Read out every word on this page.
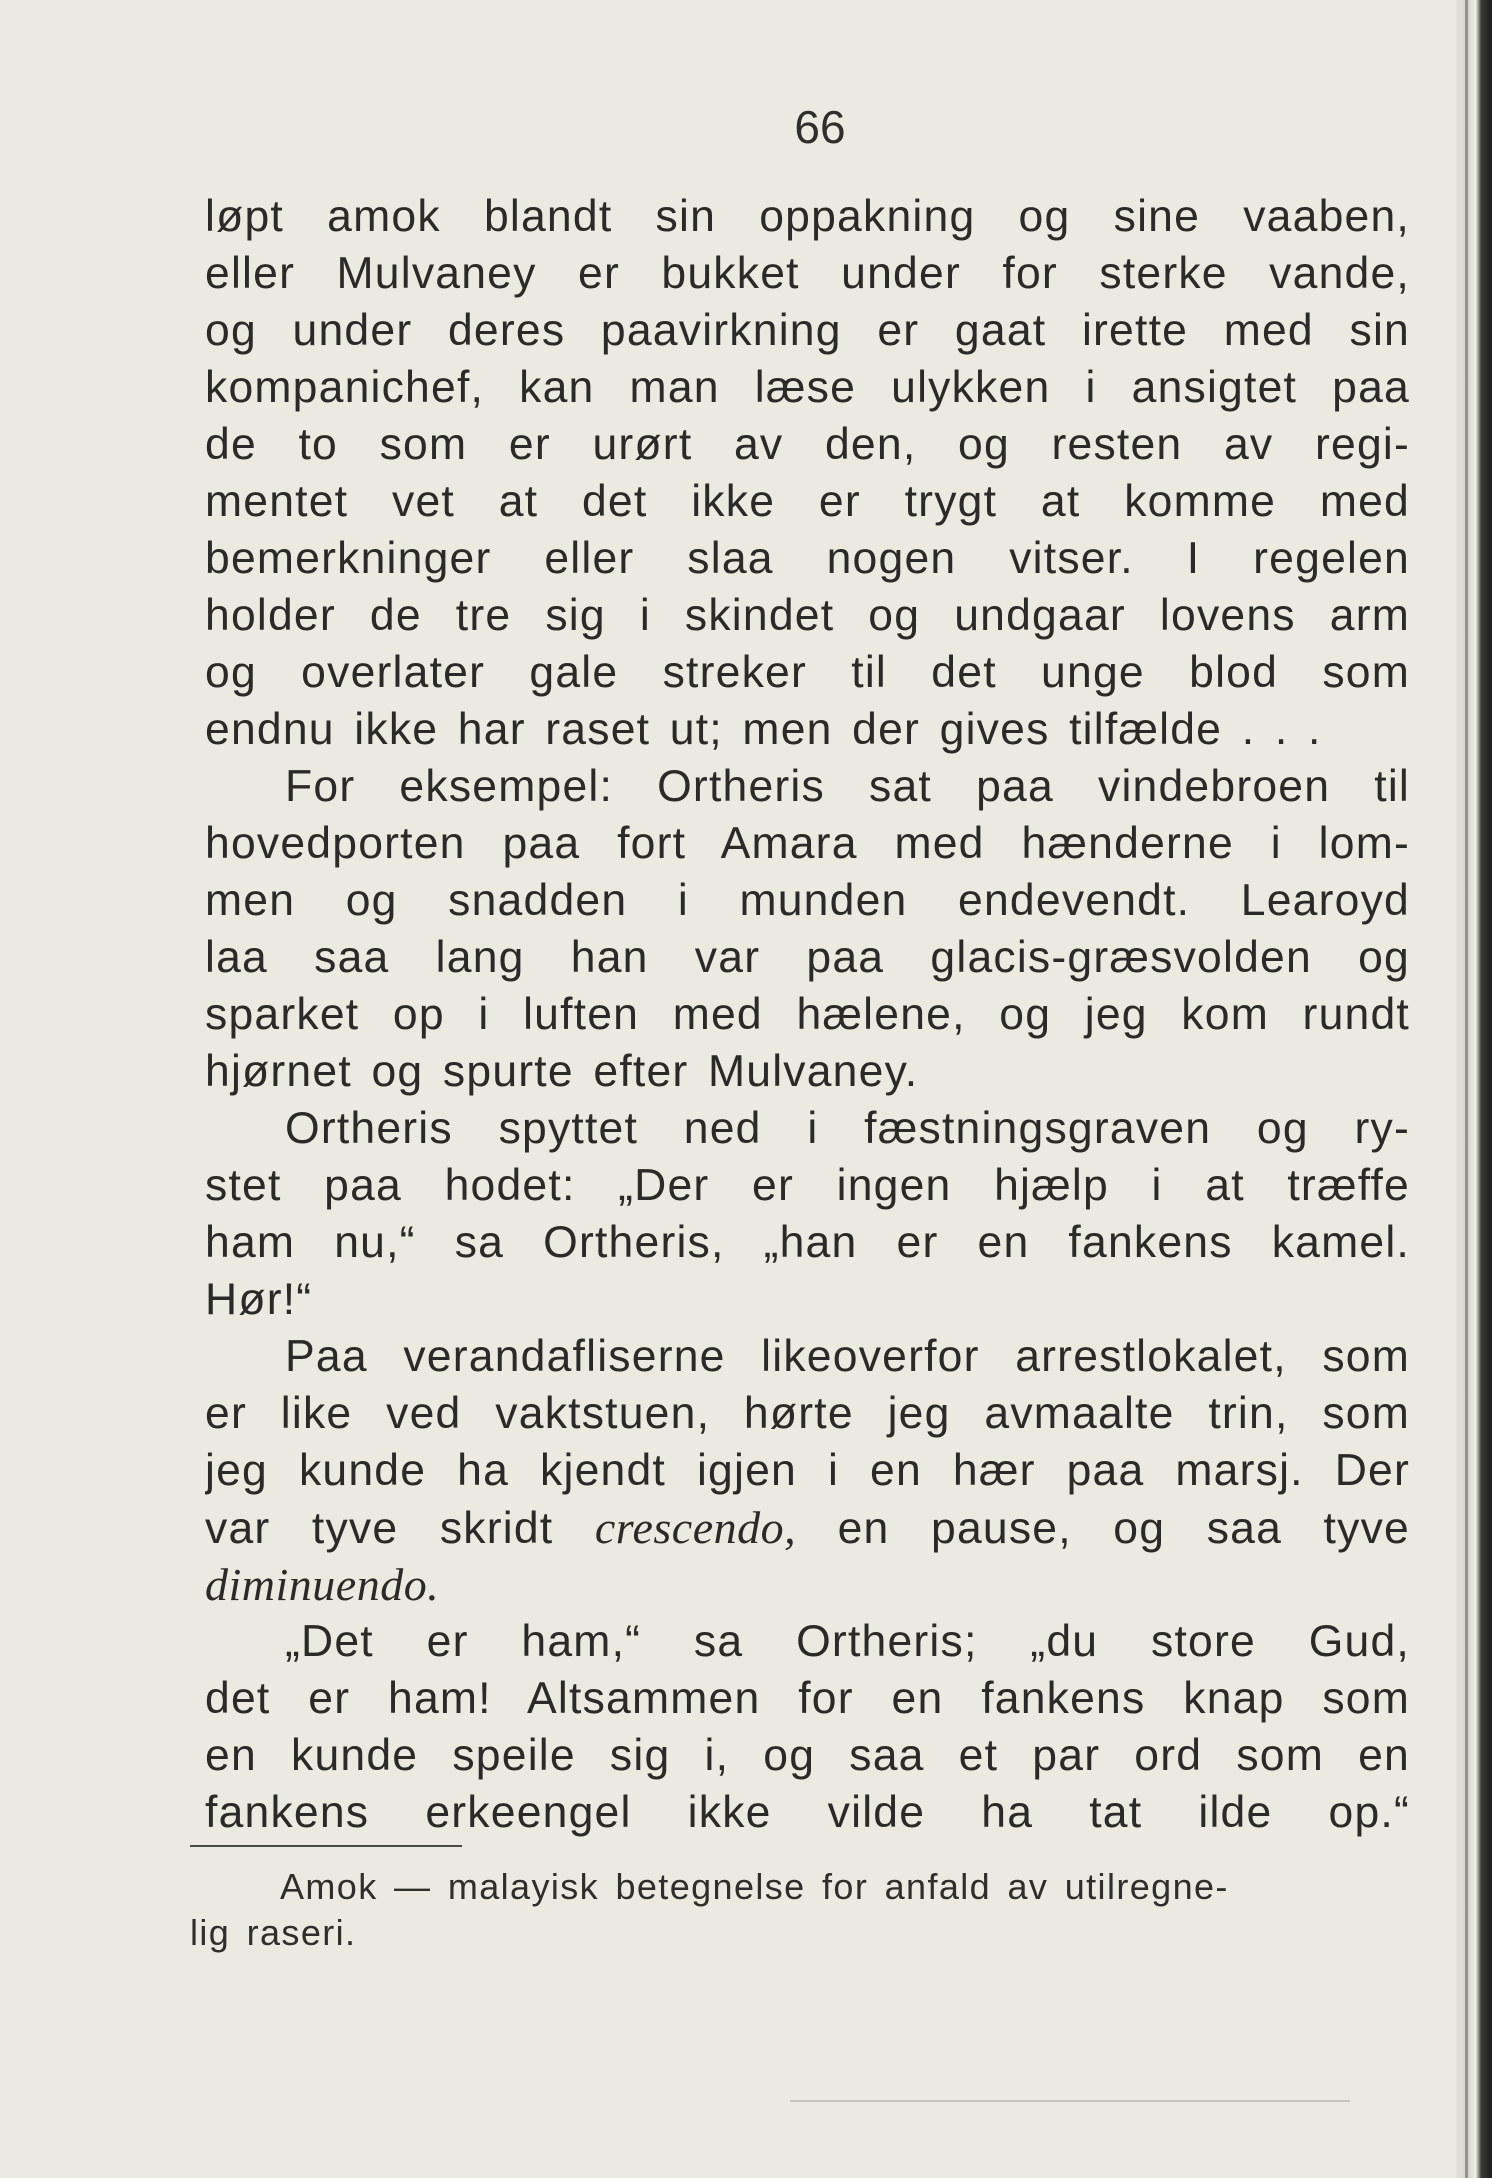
66
løpt amok blandt sin oppakning og sine vaaben,
eller Mulvaney er bukket under for sterke vande,
og under deres paavirkning er gaat irette med sin
kompanichef, kan man læse ulykken i ansigtet paa
de to som er urørt av den, og resten av regi-
mentet vet at det ikke er trygt at komme med
bemerkninger eller slaa nogen vitser. I regelen
holder de tre sig i skindet og undgaar lovens arm
og overlater gale streker til det unge blod som
endnu ikke har raset ut; men der gives tilfælde . . .
For eksempel: Ortheris sat paa vindebroen til
hovedporten paa fort Amara med hænderne i lom-
men og snadden i munden endevendt. Learoyd
laa saa lang han var paa glacis-græsvolden og
sparket op i luften med hælene, og jeg kom rundt
hjørnet og spurte efter Mulvaney.
Ortheris spyttet ned i fæstningsgraven og ry-
stet paa hodet: „Der er ingen hjælp i at træffe
ham nu,“ sa Ortheris, „han er en fankens kamel.
Hør!“
Paa verandafliserne likeoverfor arrestlokalet, som
er like ved vaktstuen, hørte jeg avmaalte trin, som
jeg kunde ha kjendt igjen i en hær paa marsj. Der
var tyve skridt crescendo, en pause, og saa tyve
diminuendo.
„Det er ham,“ sa Ortheris; „du store Gud,
det er ham! Altsammen for en fankens knap som
en kunde speile sig i, og saa et par ord som en
fankens erkeengel ikke vilde ha tat ilde op.“
Amok — malayisk betegnelse for anfald av utilregne-
lig raseri.
